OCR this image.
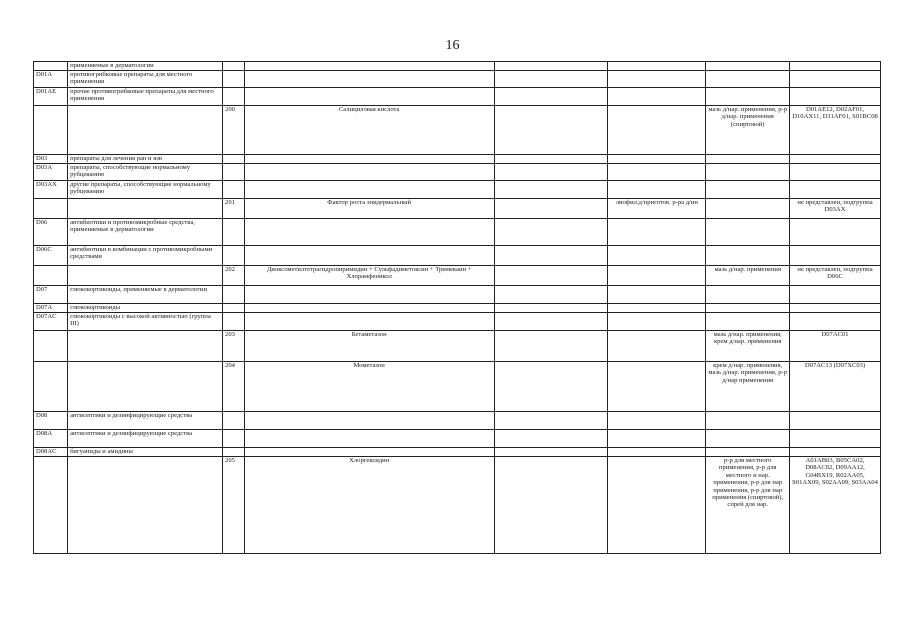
16
	применяемые в дерматологии						
D01A	противогрибковые препараты для местного применения						
D01AE	прочие противогрибковые препараты для местного применения						
		200	Салициловая кислота			мазь д/нар. применения, р-р д/нар. применения (спиртовой)	D01AE12, D02AF01, D10AX11, D11AF01, S01BC08
D03	препараты для лечения ран и язв						
D03A	препараты, способствующие нормальному рубцеванию						
D03AX	другие препараты, способствующие нормальному рубцеванию						
		201	Фактор роста эпидермальный		лиофил.д/приготов. р-ра д/ин		не представлен, подгруппа D03AX
D06	антибиотики и противомикробные средства, применяемые в дерматологии						
D06C	антибиотики в комбинации с противомикробными средствами						
		202	Диоксометилтетрагидропиримидин + Сульфадиметоксин + Тримекаин + Хлорамфеникол			мазь д/нар. применения	не представлен, подгруппа D06C
D07	глюкокортикоиды, применяемые в дерматологии						
D07A	глюкокортикоиды						
D07AC	глюкокортикоиды с высокой активностью (группа III)						
		203	Бетаметазон			мазь д/нар. применения, крем д/нар. применения	D07AC01
		204	Мометазон			крем д/нар. применения, мазь д/нар. применения, р-р д/нар применения	D07AC13 (D07XC03)
D08	антисептики и дезинфицирующие средства						
D08A	антисептики и дезинфицирующие средства						
D08AC	бигуаниды и амидины						
		205	Хлоргексидин			р-р для местного применения, р-р для местного и нар. применения, р-р для нар применения, р-р для нар применения (спиртовой), спрей для нар.	A01AB03, B05CA02, D08AC02, D09AA12, G04BX19, R02AA05, S01AX09, S02AA09, S03AA04
